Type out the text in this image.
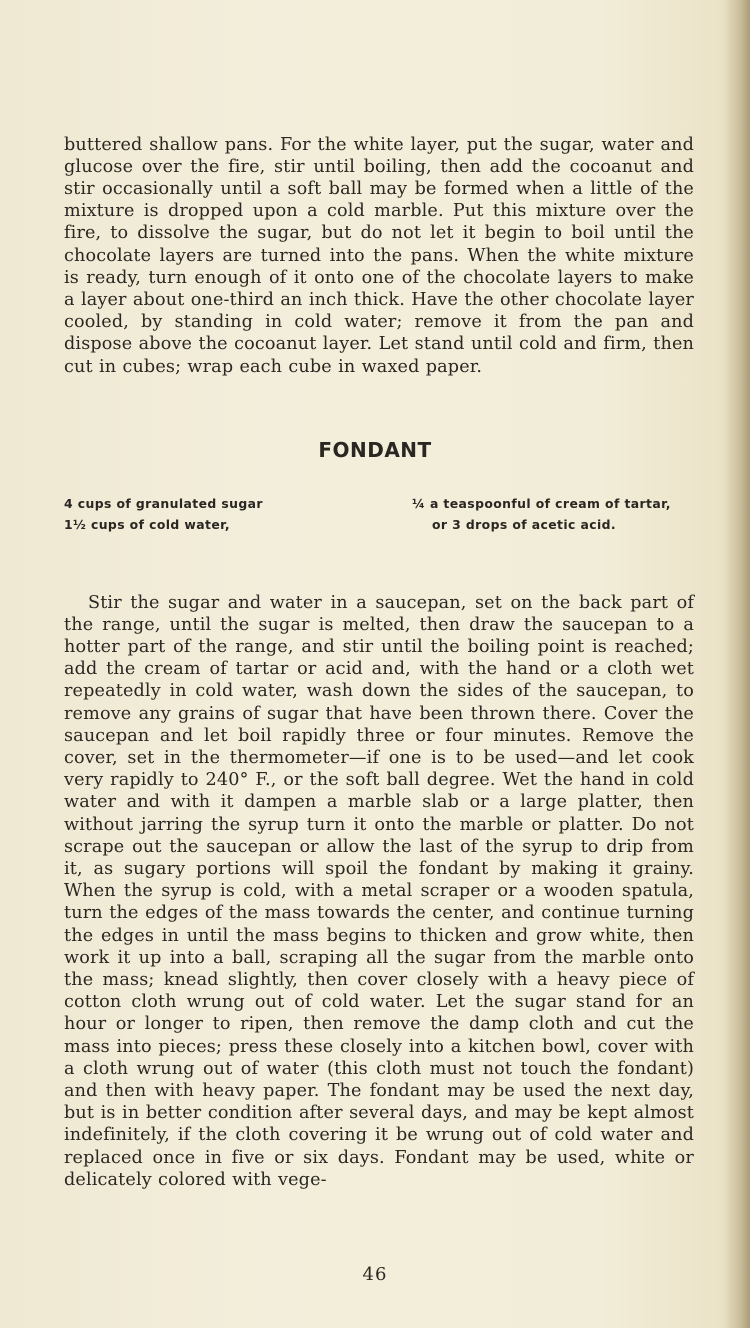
buttered shallow pans. For the white layer, put the sugar, water and glucose over the fire, stir until boiling, then add the cocoanut and stir occasionally until a soft ball may be formed when a little of the mixture is dropped upon a cold marble. Put this mixture over the fire, to dissolve the sugar, but do not let it begin to boil until the chocolate layers are turned into the pans. When the white mixture is ready, turn enough of it onto one of the chocolate layers to make a layer about one-third an inch thick. Have the other chocolate layer cooled, by standing in cold water; remove it from the pan and dispose above the cocoanut layer. Let stand until cold and firm, then cut in cubes; wrap each cube in waxed paper.

FONDANT
4 cups of granulated sugar
1½ cups of cold water,
¼ a teaspoonful of cream of tartar,
or 3 drops of acetic acid.

Stir the sugar and water in a saucepan, set on the back part of the range, until the sugar is melted, then draw the saucepan to a hotter part of the range, and stir until the boiling point is reached; add the cream of tartar or acid and, with the hand or a cloth wet repeatedly in cold water, wash down the sides of the saucepan, to remove any grains of sugar that have been thrown there. Cover the saucepan and let boil rapidly three or four minutes. Remove the cover, set in the thermometer—if one is to be used—and let cook very rapidly to 240° F., or the soft ball degree. Wet the hand in cold water and with it dampen a marble slab or a large platter, then without jarring the syrup turn it onto the marble or platter. Do not scrape out the saucepan or allow the last of the syrup to drip from it, as sugary portions will spoil the fondant by making it grainy. When the syrup is cold, with a metal scraper or a wooden spatula, turn the edges of the mass towards the center, and continue turning the edges in until the mass begins to thicken and grow white, then work it up into a ball, scraping all the sugar from the marble onto the mass; knead slightly, then cover closely with a heavy piece of cotton cloth wrung out of cold water. Let the sugar stand for an hour or longer to ripen, then remove the damp cloth and cut the mass into pieces; press these closely into a kitchen bowl, cover with a cloth wrung out of water (this cloth must not touch the fondant) and then with heavy paper. The fondant may be used the next day, but is in better condition after several days, and may be kept almost indefinitely, if the cloth covering it be wrung out of cold water and replaced once in five or six days. Fondant may be used, white or delicately colored with vege-

46
